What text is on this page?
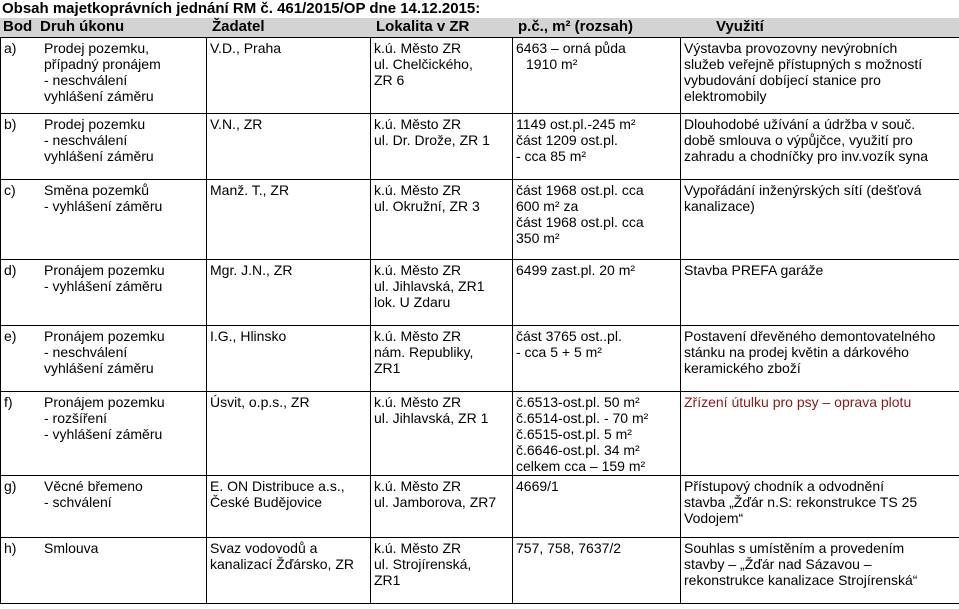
Obsah majetkoprávních jednání RM č. 461/2015/OP dne 14.12.2015:
Bod Druh úkonu	Žadatel	Lokalita v ZR	p.č., m² (rozsah)	Využití
a) Prodej pozemku,
případný pronájem
- neschválení
vyhlášení záměru	V.D., Praha	k.ú. Město ZR
ul. Chelčického,
ZR 6	6463 – orná půda
1910 m²	Výstavba provozovny nevýrobních
služeb veřejně přístupných s možností
vybudování dobíjecí stanice pro
elektromobily

b) Prodej pozemku
- neschválení
vyhlášení záměru	V.N., ZR	k.ú. Město ZR
ul. Dr. Drože, ZR 1	1149 ost.pl.-245 m²
část 1209 ost.pl.
- cca 85 m²	Dlouhodobé užívání a údržba v souč.
době smlouva o výpůjčce, využití pro
zahradu a chodníčky pro inv.vozík syna

c) Směna pozemků
- vyhlášení záměru	Manž. T., ZR	k.ú. Město ZR
ul. Okružní, ZR 3	část 1968 ost.pl. cca
600 m² za
část 1968 ost.pl. cca
350 m²	Vypořádání inženýrských sítí (dešťová
kanalizace)

d) Pronájem pozemku
- vyhlášení záměru	Mgr. J.N., ZR	k.ú. Město ZR
ul. Jihlavská, ZR1
lok. U Zdaru	6499 zast.pl. 20 m²	Stavba PREFA garáže

e) Pronájem pozemku
- neschválení
vyhlášení záměru	I.G., Hlinsko	k.ú. Město ZR
nám. Republiky,
ZR1	část 3765 ost..pl.
- cca 5 + 5 m²	Postavení dřevěného demontovatelného
stánku na prodej květin a dárkového
keramického zboží

f) Pronájem pozemku
- rozšíření
- vyhlášení záměru	Úsvit, o.p.s., ZR	k.ú. Město ZR
ul. Jihlavská, ZR 1	č.6513-ost.pl. 50 m²
č.6514-ost.pl. - 70 m²
č.6515-ost.pl. 5 m²
č.6646-ost.pl. 34 m²
celkem cca – 159 m²	Zřízení útulku pro psy – oprava plotu

g) Věcné břemeno
- schválení	E. ON Distribuce a.s.,
České Budějovice	k.ú. Město ZR
ul. Jamborova, ZR7	4669/1	Přístupový chodník a odvodnění
stavba „Žďár n.S: rekonstrukce TS 25
Vodojem“

h) Smlouva	Svaz vodovodů a
kanalizací Žďársko, ZR	k.ú. Město ZR
ul. Strojírenská,
ZR1	757, 758, 7637/2	Souhlas s umístěním a provedením
stavby – „Žďár nad Sázavou –
rekonstrukce kanalizace Strojírenská“
